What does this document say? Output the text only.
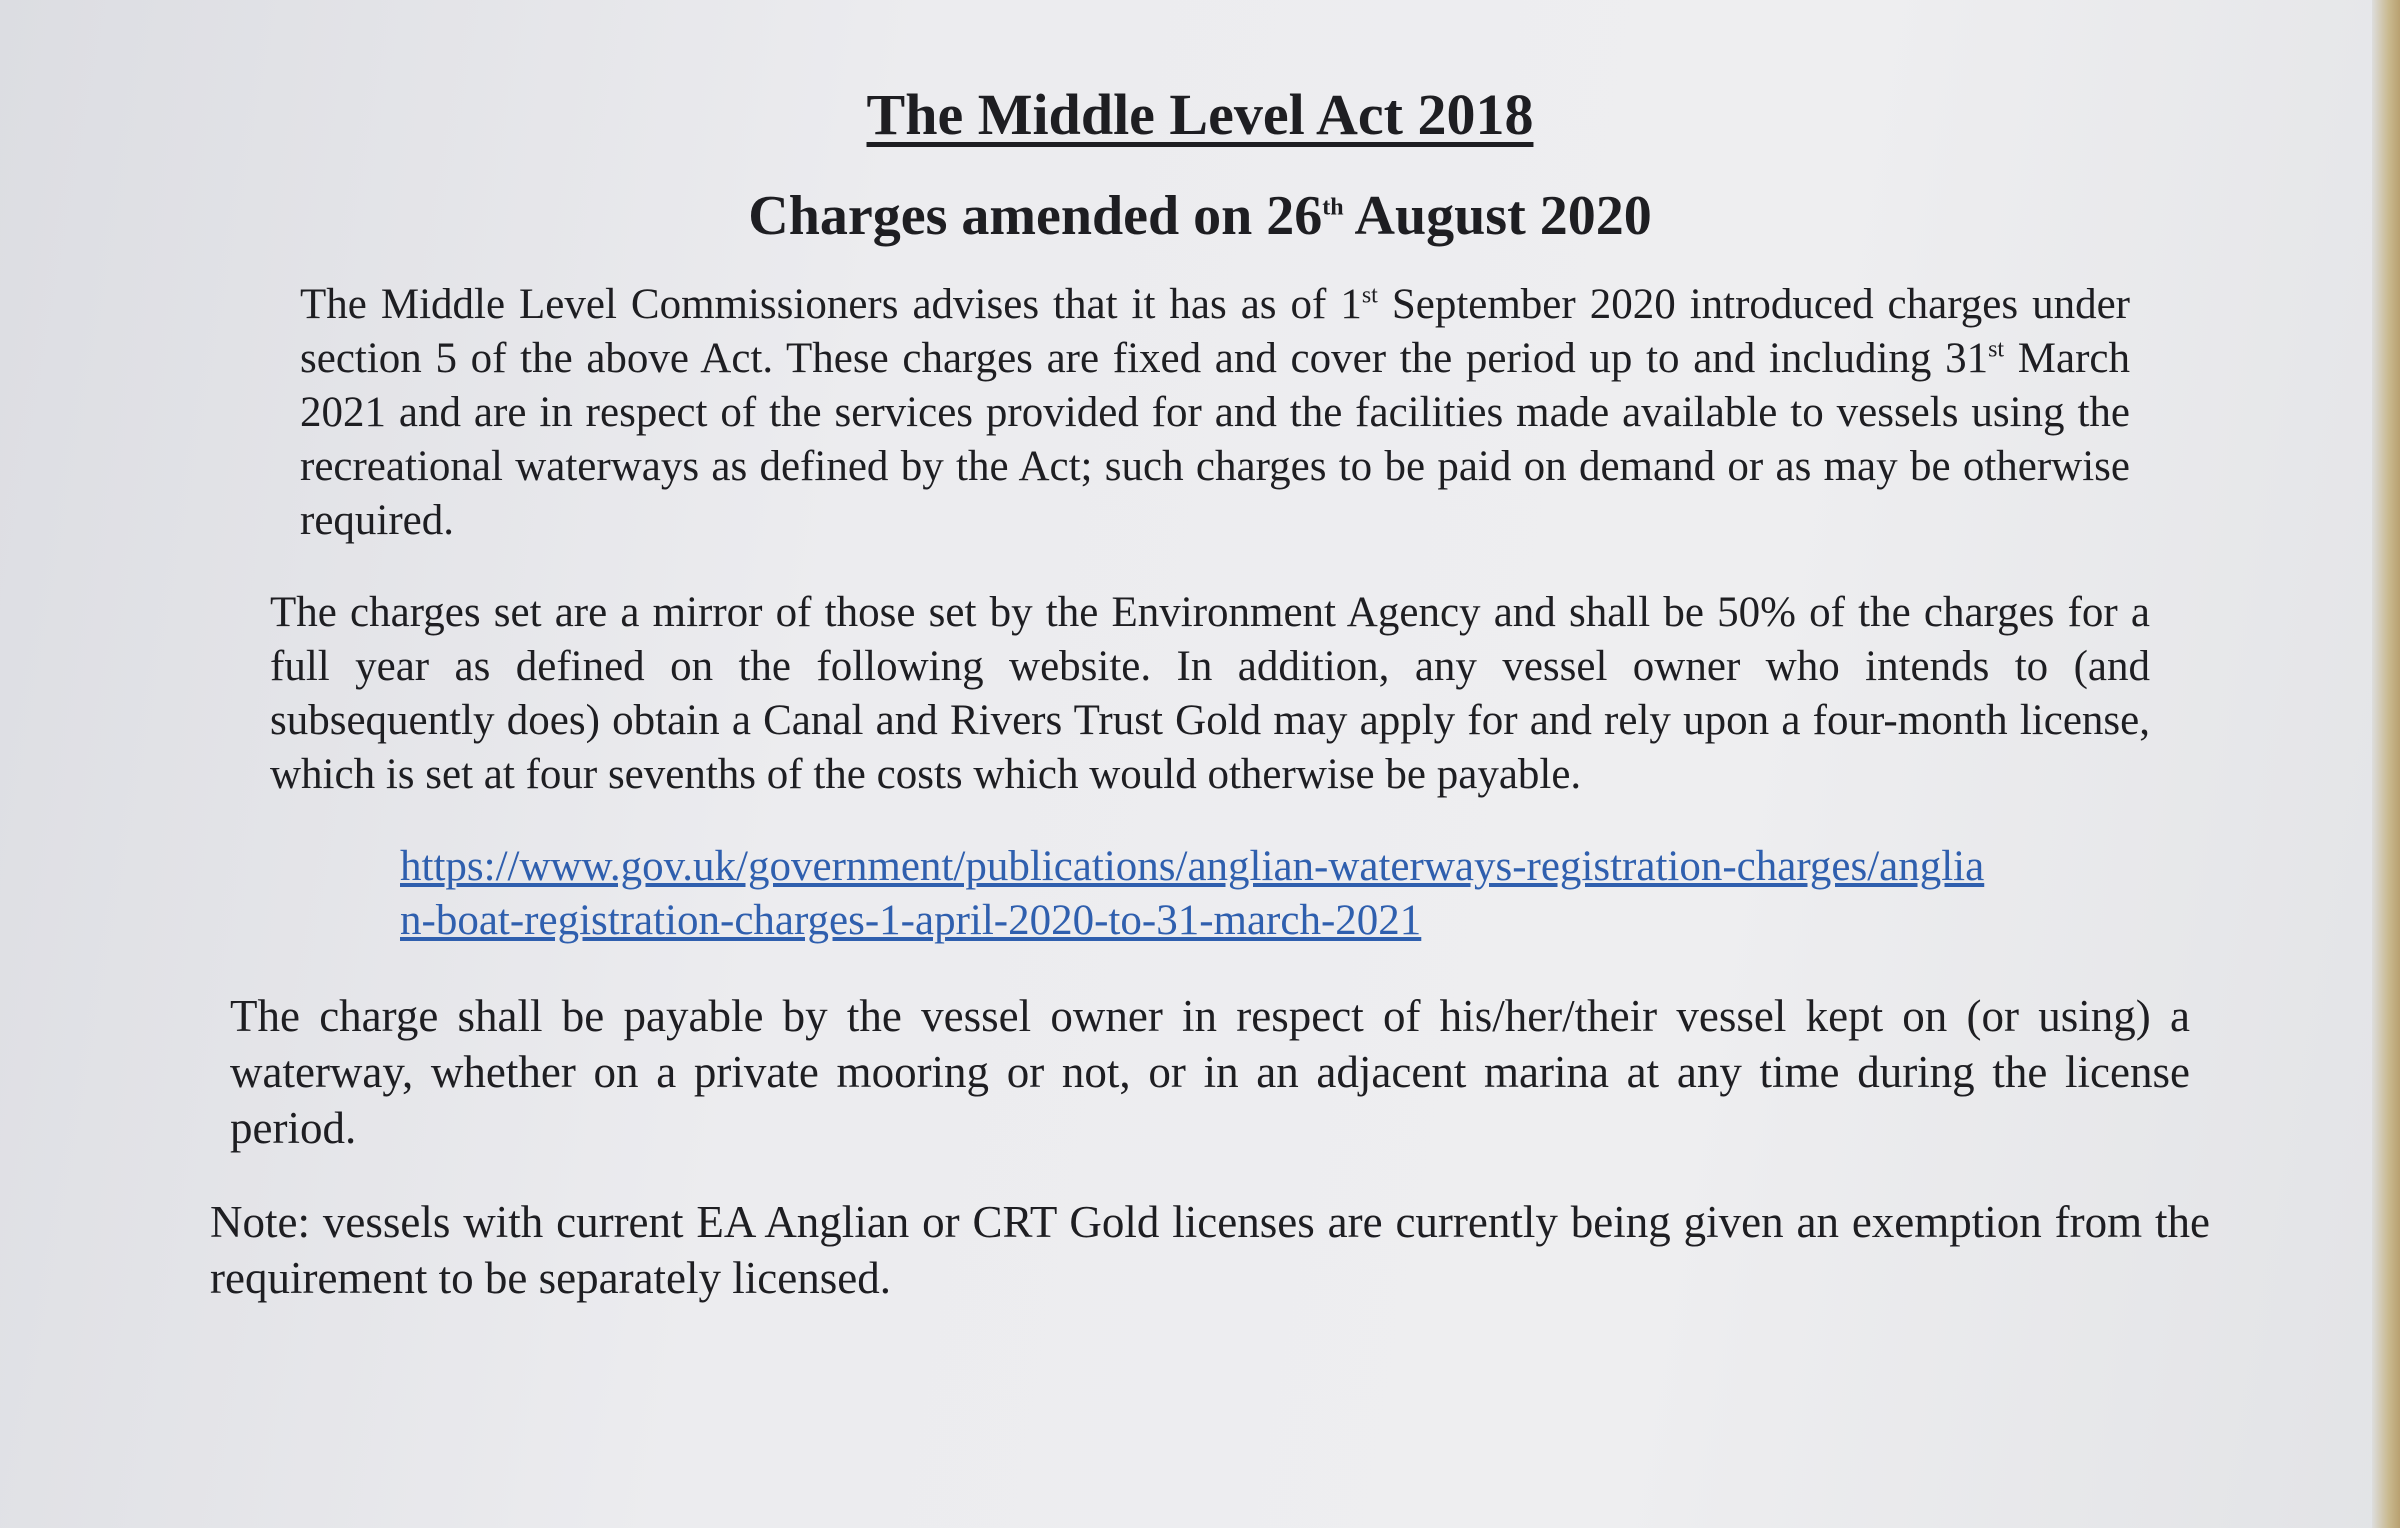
The Middle Level Act 2018
Charges amended on 26th August 2020

The Middle Level Commissioners advises that it has as of 1st September 2020 introduced charges under section 5 of the above Act. These charges are fixed and cover the period up to and including 31st March 2021 and are in respect of the services provided for and the facilities made available to vessels using the recreational waterways as defined by the Act; such charges to be paid on demand or as may be otherwise required.

The charges set are a mirror of those set by the Environment Agency and shall be 50% of the charges for a full year as defined on the following website. In addition, any vessel owner who intends to (and subsequently does) obtain a Canal and Rivers Trust Gold may apply for and rely upon a four-month license, which is set at four sevenths of the costs which would otherwise be payable.

https://www.gov.uk/government/publications/anglian-waterways-registration-charges/anglian-boat-registration-charges-1-april-2020-to-31-march-2021

The charge shall be payable by the vessel owner in respect of his/her/their vessel kept on (or using) a waterway, whether on a private mooring or not, or in an adjacent marina at any time during the license period.

Note: vessels with current EA Anglian or CRT Gold licenses are currently being given an exemption from the requirement to be separately licensed.
